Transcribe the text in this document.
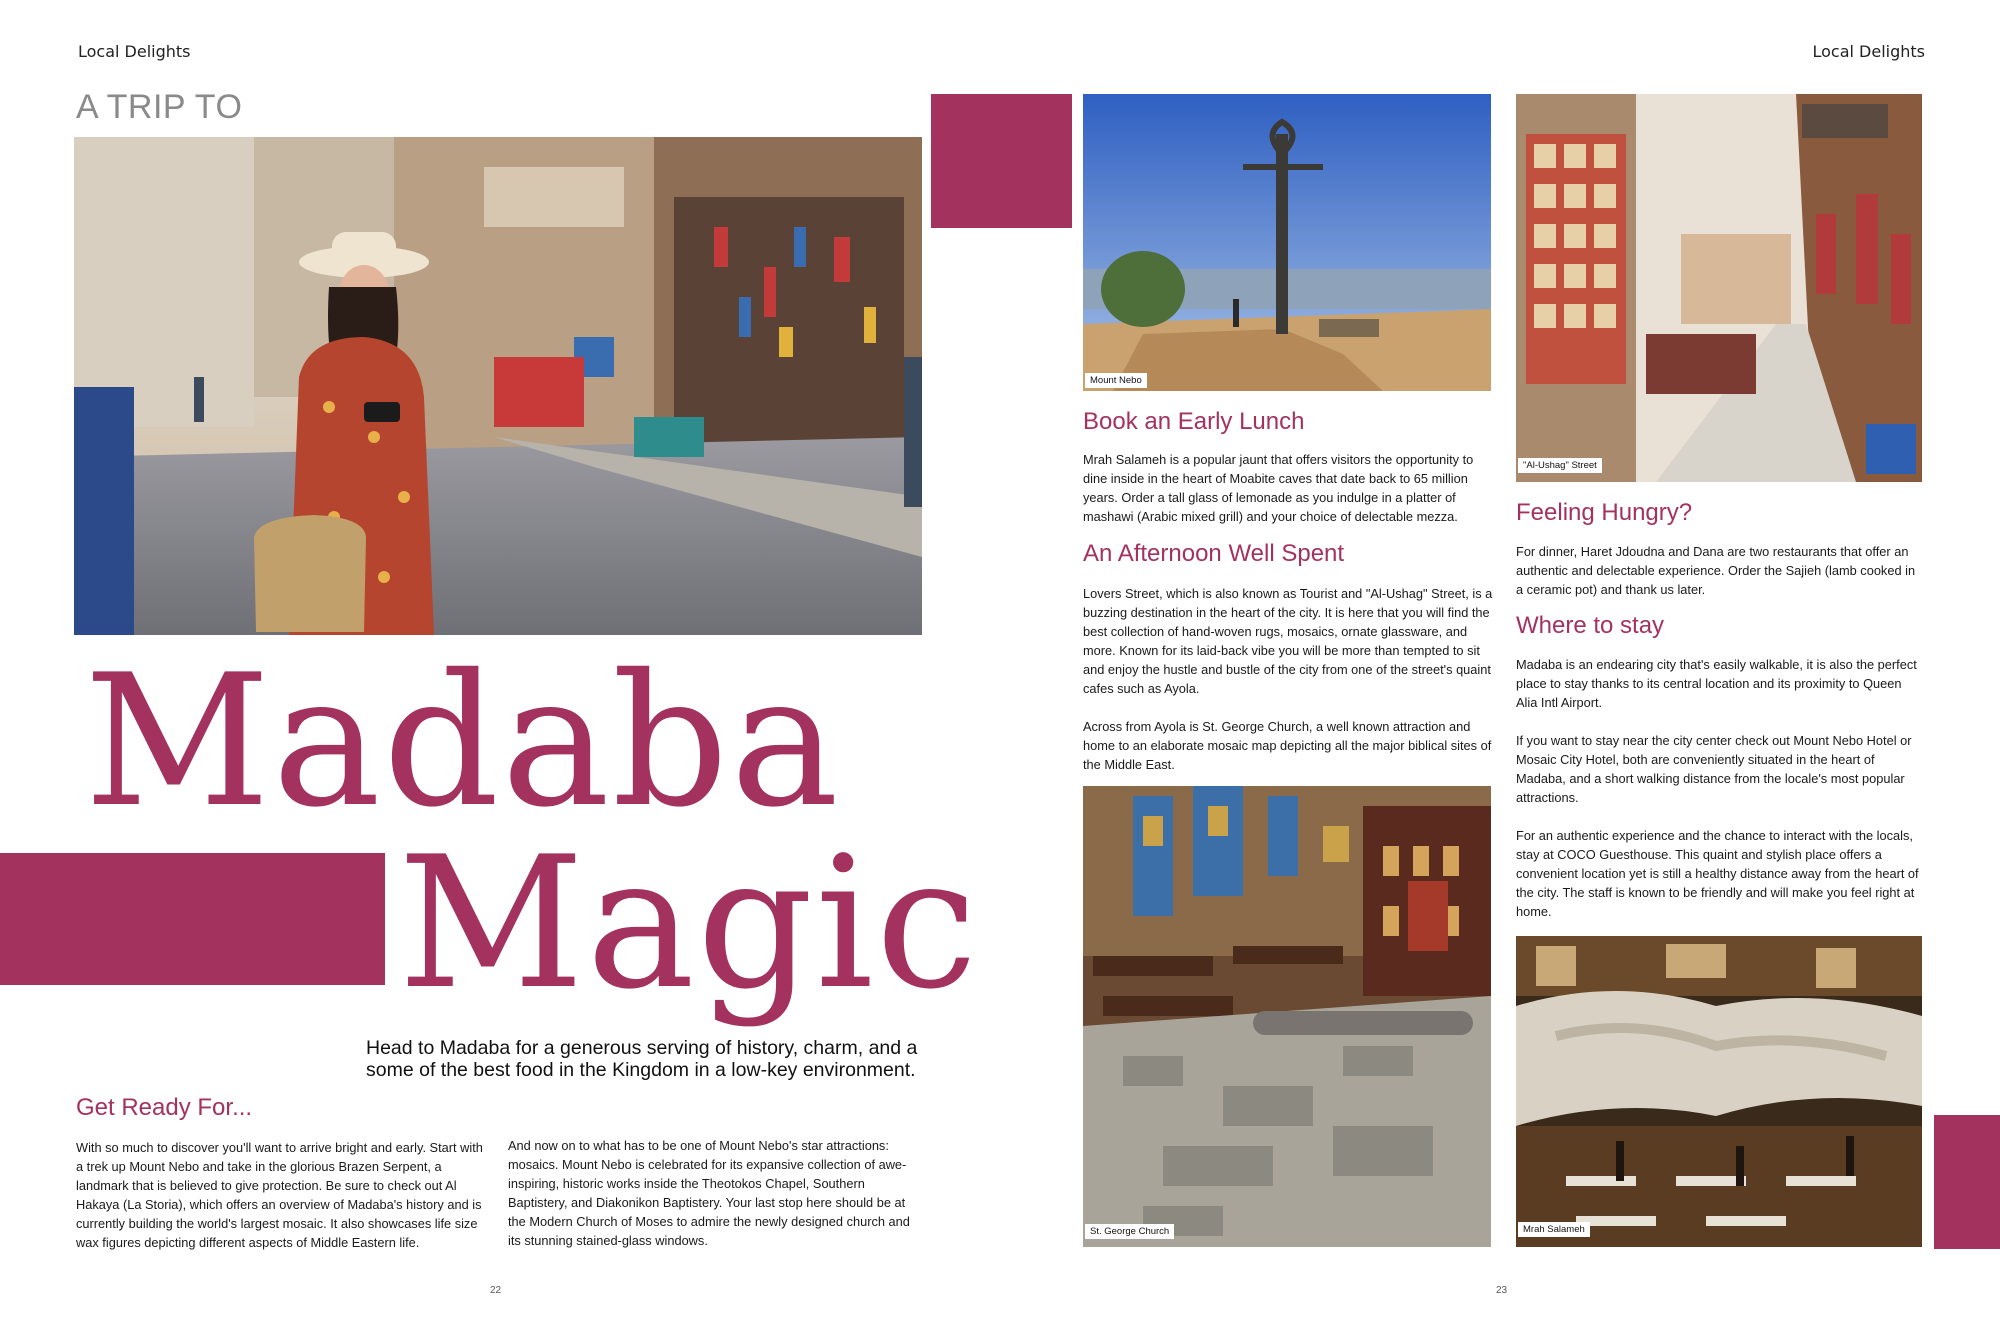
Local Delights	Local Delights
A TRIP TO
Madaba
Magic
Head to Madaba for a generous serving of history, charm, and a some of the best food in the Kingdom in a low-key environment.
Get Ready For...

With so much to discover you'll want to arrive bright and early. Start with a trek up Mount Nebo and take in the glorious Brazen Serpent, a landmark that is believed to give protection. Be sure to check out Al Hakaya (La Storia), which offers an overview of Madaba's history and is currently building the world's largest mosaic. It also showcases life size wax figures depicting different aspects of Middle Eastern life.

And now on to what has to be one of Mount Nebo's star attractions: mosaics. Mount Nebo is celebrated for its expansive collection of awe-inspiring, historic works inside the Theotokos Chapel, Southern Baptistery, and Diakonikon Baptistery. Your last stop here should be at the Modern Church of Moses to admire the newly designed church and its stunning stained-glass windows.

22
Mount Nebo
"Al-Ushag" Street
Book an Early Lunch

Mrah Salameh is a popular jaunt that offers visitors the opportunity to dine inside in the heart of Moabite caves that date back to 65 million years. Order a tall glass of lemonade as you indulge in a platter of mashawi (Arabic mixed grill) and your choice of delectable mezza.

An Afternoon Well Spent

Lovers Street, which is also known as Tourist and "Al-Ushag" Street, is a buzzing destination in the heart of the city. It is here that you will find the best collection of hand-woven rugs, mosaics, ornate glassware, and more. Known for its laid-back vibe you will be more than tempted to sit and enjoy the hustle and bustle of the city from one of the street's quaint cafes such as Ayola.

Across from Ayola is St. George Church, a well known attraction and home to an elaborate mosaic map depicting all the major biblical sites of the Middle East.

St. George Church
Feeling Hungry?

For dinner, Haret Jdoudna and Dana are two restaurants that offer an authentic and delectable experience. Order the Sajieh (lamb cooked in a ceramic pot) and thank us later.

Where to stay

Madaba is an endearing city that's easily walkable, it is also the perfect place to stay thanks to its central location and its proximity to Queen Alia Intl Airport.

If you want to stay near the city center check out Mount Nebo Hotel or Mosaic City Hotel, both are conveniently situated in the heart of Madaba, and a short walking distance from the locale's most popular attractions.

For an authentic experience and the chance to interact with the locals, stay at COCO Guesthouse. This quaint and stylish place offers a convenient location yet is still a healthy distance away from the heart of the city. The staff is known to be friendly and will make you feel right at home.

Mrah Salameh
23
